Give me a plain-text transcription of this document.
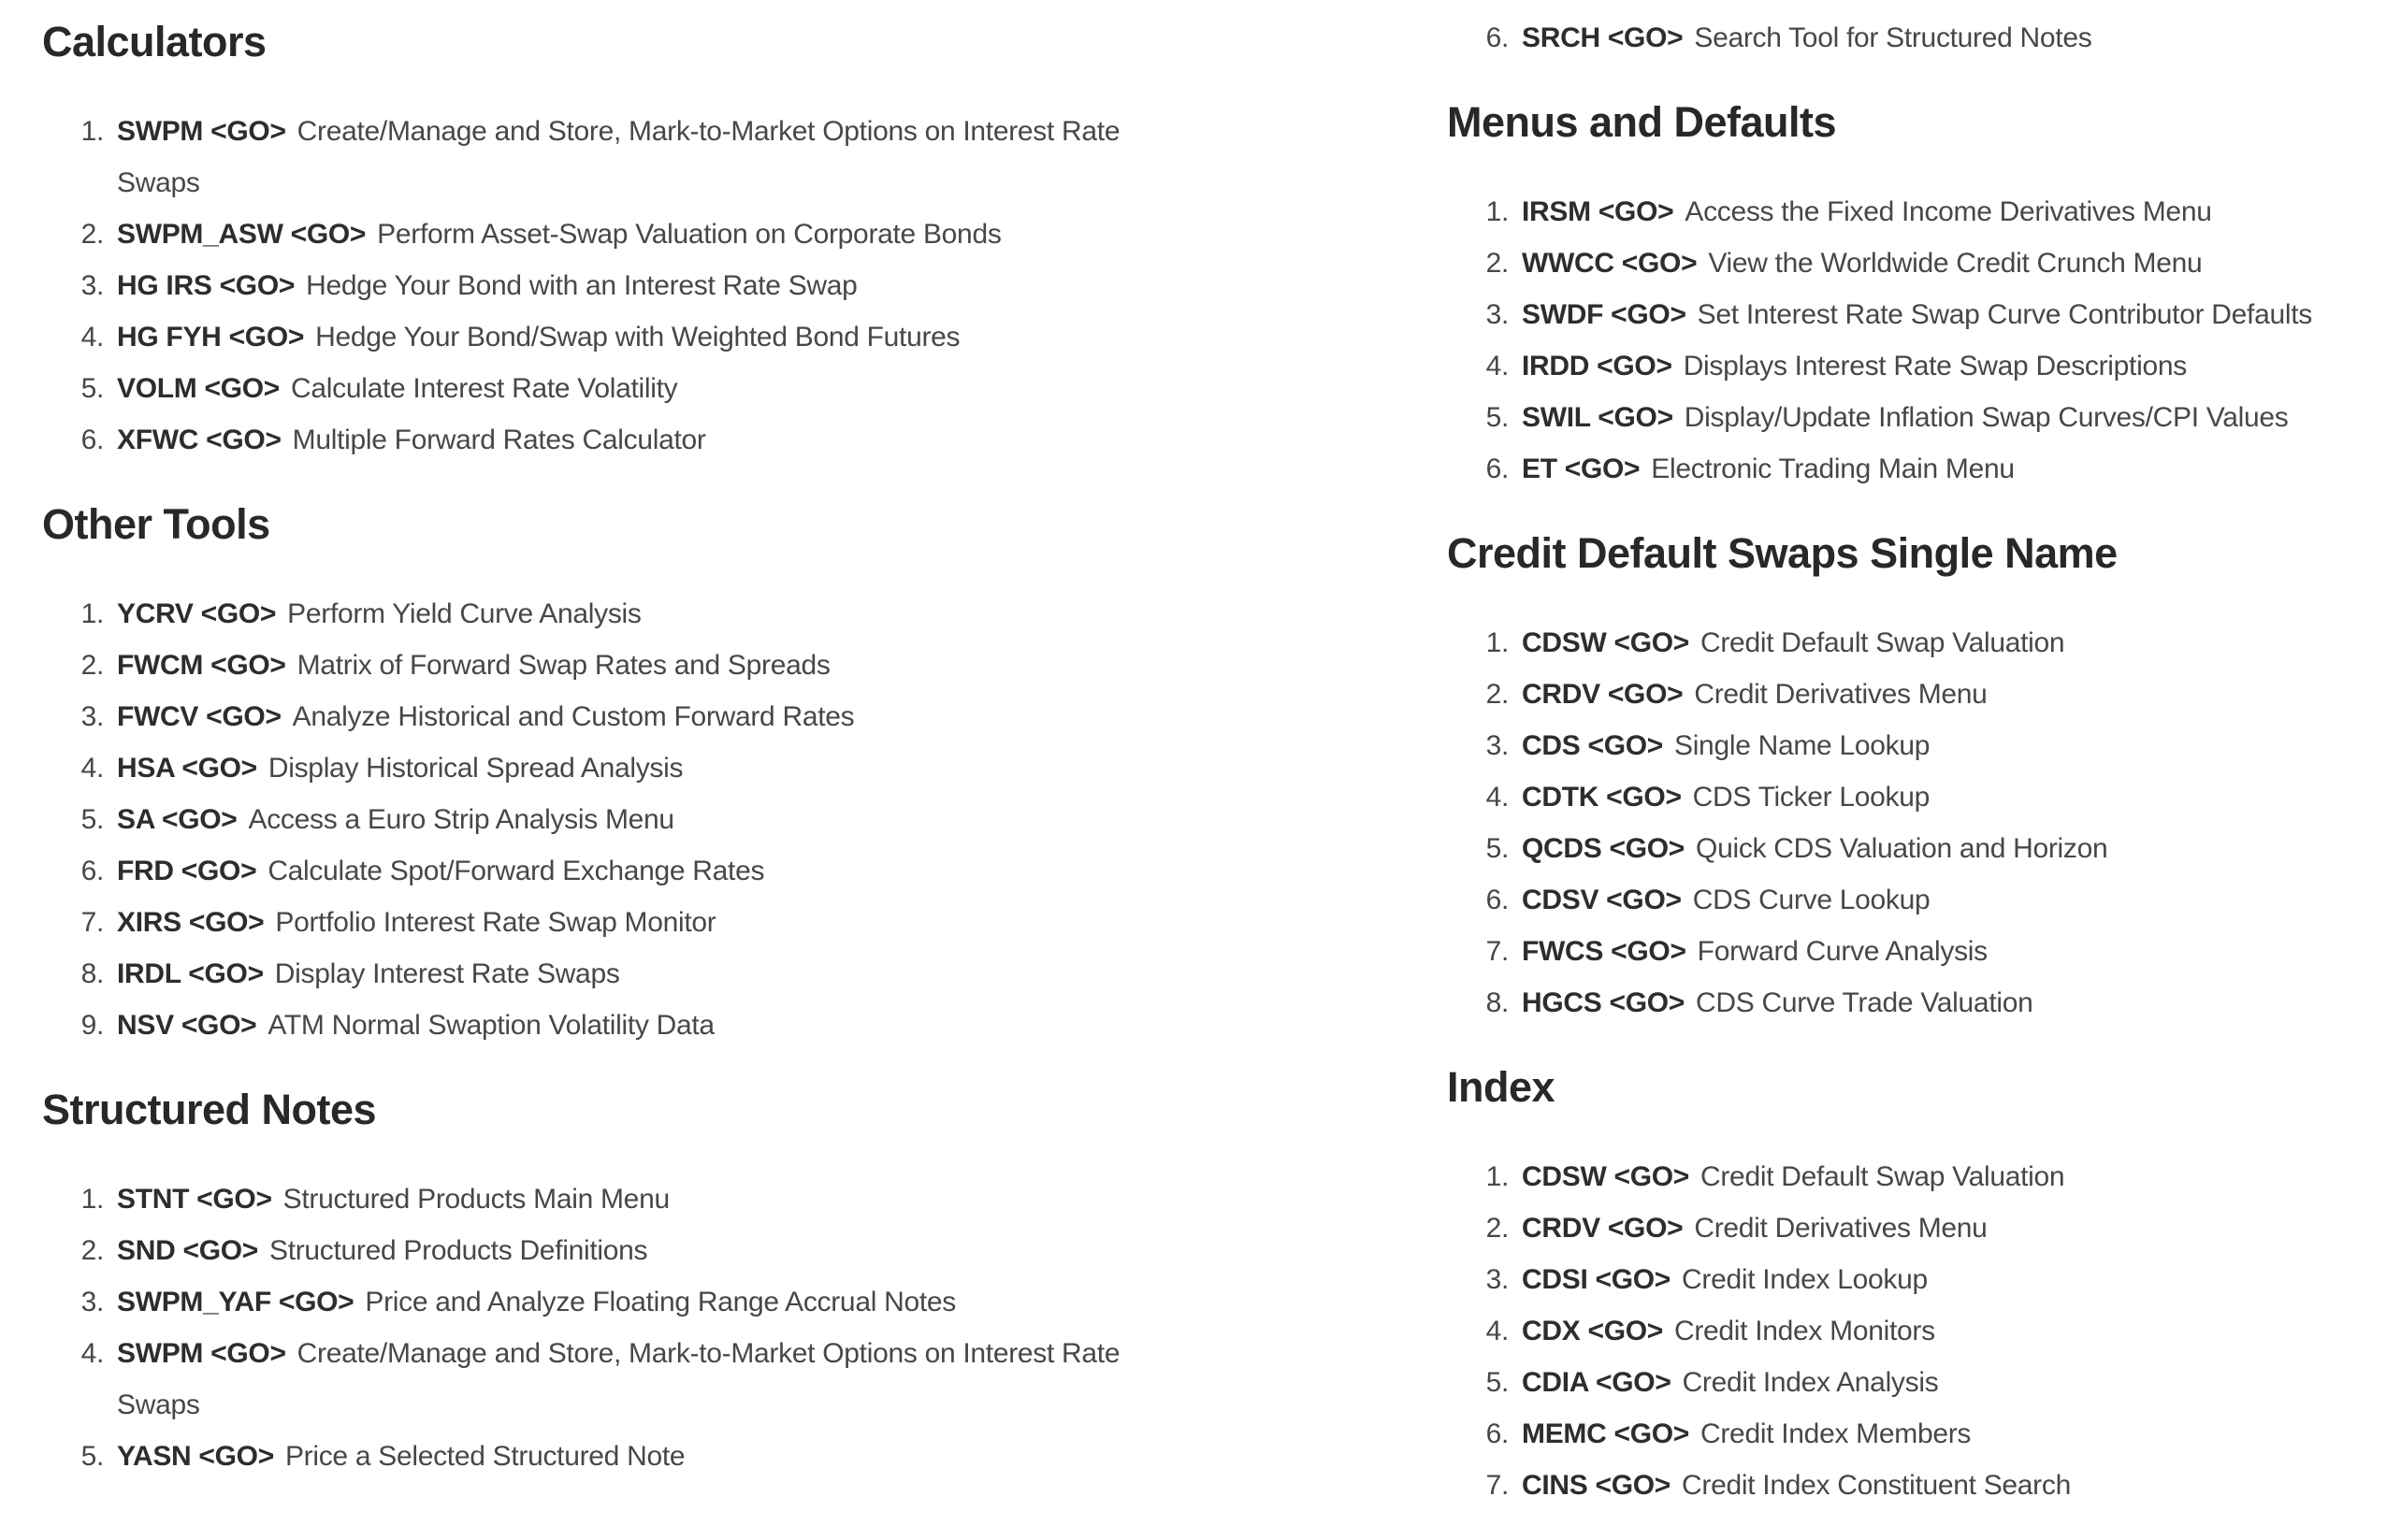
Calculators
1. SWPM <GO> Create/Manage and Store, Mark-to-Market Options on Interest Rate Swaps
2. SWPM_ASW <GO> Perform Asset-Swap Valuation on Corporate Bonds
3. HG IRS <GO> Hedge Your Bond with an Interest Rate Swap
4. HG FYH <GO> Hedge Your Bond/Swap with Weighted Bond Futures
5. VOLM <GO> Calculate Interest Rate Volatility
6. XFWC <GO> Multiple Forward Rates Calculator
Other Tools
1. YCRV <GO> Perform Yield Curve Analysis
2. FWCM <GO> Matrix of Forward Swap Rates and Spreads
3. FWCV <GO> Analyze Historical and Custom Forward Rates
4. HSA <GO> Display Historical Spread Analysis
5. SA <GO> Access a Euro Strip Analysis Menu
6. FRD <GO> Calculate Spot/Forward Exchange Rates
7. XIRS <GO> Portfolio Interest Rate Swap Monitor
8. IRDL <GO> Display Interest Rate Swaps
9. NSV <GO> ATM Normal Swaption Volatility Data
Structured Notes
1. STNT <GO> Structured Products Main Menu
2. SND <GO> Structured Products Definitions
3. SWPM_YAF <GO> Price and Analyze Floating Range Accrual Notes
4. SWPM <GO> Create/Manage and Store, Mark-to-Market Options on Interest Rate Swaps
5. YASN <GO> Price a Selected Structured Note
6. SRCH <GO> Search Tool for Structured Notes
Menus and Defaults
1. IRSM <GO> Access the Fixed Income Derivatives Menu
2. WWCC <GO> View the Worldwide Credit Crunch Menu
3. SWDF <GO> Set Interest Rate Swap Curve Contributor Defaults
4. IRDD <GO> Displays Interest Rate Swap Descriptions
5. SWIL <GO> Display/Update Inflation Swap Curves/CPI Values
6. ET <GO> Electronic Trading Main Menu
Credit Default Swaps Single Name
1. CDSW <GO> Credit Default Swap Valuation
2. CRDV <GO> Credit Derivatives Menu
3. CDS <GO> Single Name Lookup
4. CDTK <GO> CDS Ticker Lookup
5. QCDS <GO> Quick CDS Valuation and Horizon
6. CDSV <GO> CDS Curve Lookup
7. FWCS <GO> Forward Curve Analysis
8. HGCS <GO> CDS Curve Trade Valuation
Index
1. CDSW <GO> Credit Default Swap Valuation
2. CRDV <GO> Credit Derivatives Menu
3. CDSI <GO> Credit Index Lookup
4. CDX <GO> Credit Index Monitors
5. CDIA <GO> Credit Index Analysis
6. MEMC <GO> Credit Index Members
7. CINS <GO> Credit Index Constituent Search
